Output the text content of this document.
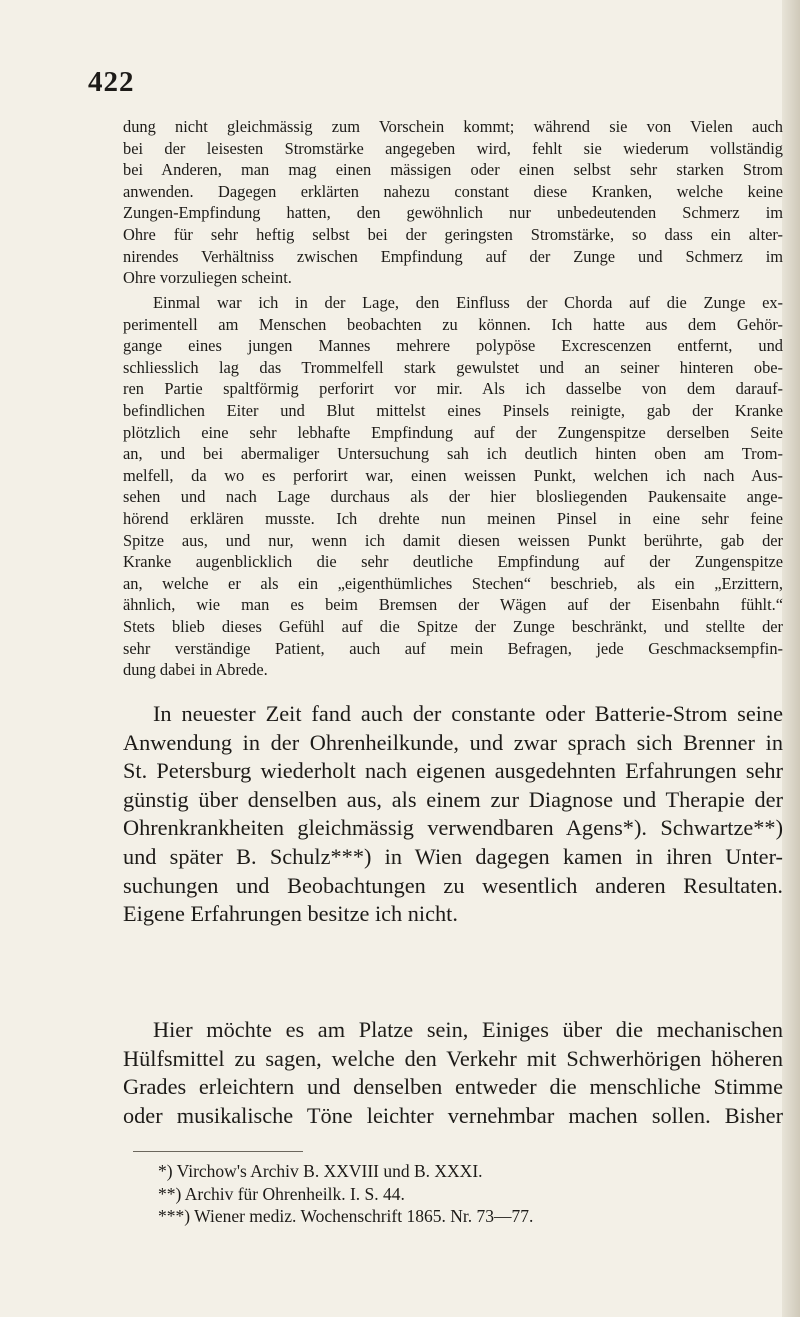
422
dung nicht gleichmässig zum Vorschein kommt; während sie von Vielen auch
bei der leisesten Stromstärke angegeben wird, fehlt sie wiederum vollständig
bei Anderen, man mag einen mässigen oder einen selbst sehr starken Strom
anwenden. Dagegen erklärten nahezu constant diese Kranken, welche keine
Zungen-Empfindung hatten, den gewöhnlich nur unbedeutenden Schmerz im
Ohre für sehr heftig selbst bei der geringsten Stromstärke, so dass ein alter-
nirendes Verhältniss zwischen Empfindung auf der Zunge und Schmerz im
Ohre vorzuliegen scheint.
Einmal war ich in der Lage, den Einfluss der Chorda auf die Zunge ex-
perimentell am Menschen beobachten zu können. Ich hatte aus dem Gehör-
gange eines jungen Mannes mehrere polypöse Excrescenzen entfernt, und
schliesslich lag das Trommelfell stark gewulstet und an seiner hinteren obe-
ren Partie spaltförmig perforirt vor mir. Als ich dasselbe von dem darauf-
befindlichen Eiter und Blut mittelst eines Pinsels reinigte, gab der Kranke
plötzlich eine sehr lebhafte Empfindung auf der Zungenspitze derselben Seite
an, und bei abermaliger Untersuchung sah ich deutlich hinten oben am Trom-
melfell, da wo es perforirt war, einen weissen Punkt, welchen ich nach Aus-
sehen und nach Lage durchaus als der hier blosliegenden Paukensaite ange-
hörend erklären musste. Ich drehte nun meinen Pinsel in eine sehr feine
Spitze aus, und nur, wenn ich damit diesen weissen Punkt berührte, gab der
Kranke augenblicklich die sehr deutliche Empfindung auf der Zungenspitze
an, welche er als ein „eigenthümliches Stechen“ beschrieb, als ein „Erzittern,
ähnlich, wie man es beim Bremsen der Wägen auf der Eisenbahn fühlt.“
Stets blieb dieses Gefühl auf die Spitze der Zunge beschränkt, und stellte der
sehr verständige Patient, auch auf mein Befragen, jede Geschmacksempfin-
dung dabei in Abrede.
In neuester Zeit fand auch der constante oder Batterie-Strom seine
Anwendung in der Ohrenheilkunde, und zwar sprach sich Brenner in
St. Petersburg wiederholt nach eigenen ausgedehnten Erfahrungen sehr
günstig über denselben aus, als einem zur Diagnose und Therapie der
Ohrenkrankheiten gleichmässig verwendbaren Agens*). Schwartze**)
und später B. Schulz***) in Wien dagegen kamen in ihren Unter-
suchungen und Beobachtungen zu wesentlich anderen Resultaten.
Eigene Erfahrungen besitze ich nicht.
Hier möchte es am Platze sein, Einiges über die mechanischen
Hülfsmittel zu sagen, welche den Verkehr mit Schwerhörigen höheren
Grades erleichtern und denselben entweder die menschliche Stimme
oder musikalische Töne leichter vernehmbar machen sollen. Bisher
*) Virchow's Archiv B. XXVIII und B. XXXI.
**) Archiv für Ohrenheilk. I. S. 44.
***) Wiener mediz. Wochenschrift 1865. Nr. 73—77.
